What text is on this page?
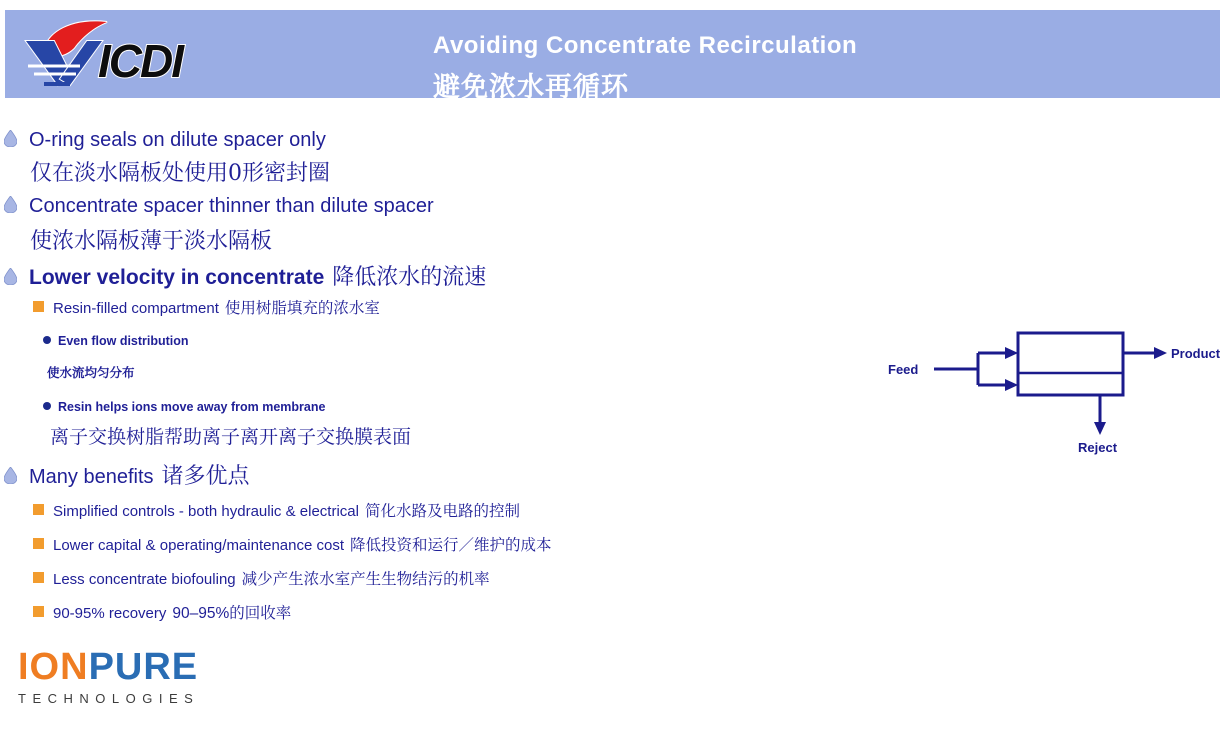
Avoiding Concentrate Recirculation
避免浓水再循环
ICDI
O-ring seals on dilute spacer only
仅在淡水隔板处使用0形密封圈
Concentrate spacer thinner than dilute spacer
使浓水隔板薄于淡水隔板
Lower velocity in concentrate 降低浓水的流速
Resin-filled compartment 使用树脂填充的浓水室
Even flow distribution
使水流均匀分布
Resin helps ions move away from membrane
离子交换树脂帮助离子离开离子交换膜表面
Many benefits 诸多优点
Simplified controls - both hydraulic & electrical 简化水路及电路的控制
Lower capital & operating/maintenance cost 降低投资和运行／维护的成本
Less concentrate biofouling 减少产生浓水室产生生物结污的机率
90-95% recovery 90–95%的回收率
Feed
Product
Reject
IONPURE
TECHNOLOGIES
